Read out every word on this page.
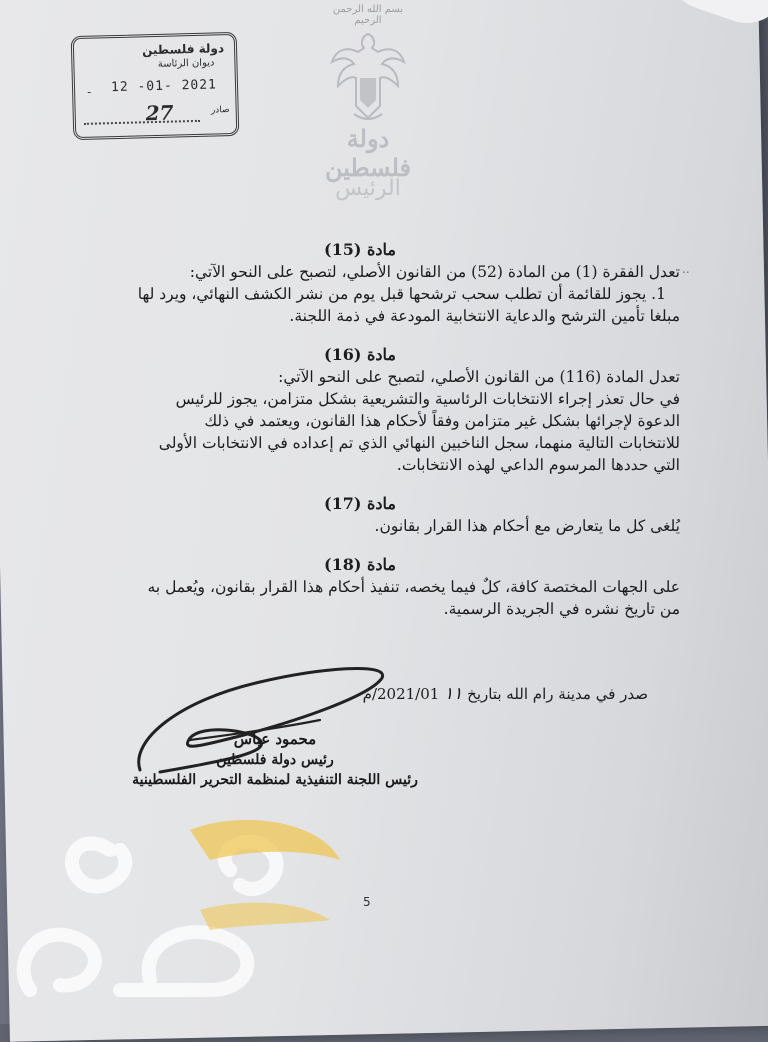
دولة فلسطين
ديوان الرئاسة
- 12 -01- 2021
27	صادر
بسم الله الرحمن الرحيم
دولة فلسطين
الرئيس
..
مادة (15)

تعدل الفقرة (1) من المادة (52) من القانون الأصلي، لتصبح على النحو الآتي:

1. يجوز للقائمة أن تطلب سحب ترشحها قبل يوم من نشر الكشف النهائي، ويرد لها

مبلغا تأمين الترشح والدعاية الانتخابية المودعة في ذمة اللجنة.

مادة (16)

تعدل المادة (116) من القانون الأصلي، لتصبح على النحو الآتي:

في حال تعذر إجراء الانتخابات الرئاسية والتشريعية بشكل متزامن، يجوز للرئيس

الدعوة لإجرائها بشكل غير متزامن وفقاً لأحكام هذا القانون، ويعتمد في ذلك

للانتخابات التالية منهما، سجل الناخبين النهائي الذي تم إعداده في الانتخابات الأولى

التي حددها المرسوم الداعي لهذه الانتخابات.

مادة (17)

يُلغى كل ما يتعارض مع أحكام هذا القرار بقانون.

مادة (18)

على الجهات المختصة كافة، كلٌ فيما يخصه، تنفيذ أحكام هذا القرار بقانون، ويُعمل به

من تاريخ نشره في الجريدة الرسمية.

صدر في مدينة رام الله بتاريخ ١١ 2021/01/م
محمود عباس
رئيس دولة فلسطين
رئيس اللجنة التنفيذية لمنظمة التحرير الفلسطينية
5
